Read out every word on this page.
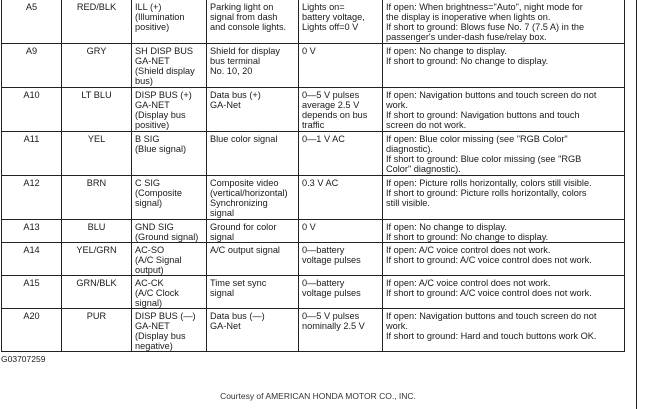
A5	RED/BLK	ILL (+)
(Illumination
positive)	Parking light on
signal from dash
and console lights.	Lights on=
battery voltage,
Lights off=0 V	If open: When brightness="Auto", night mode for
the display is inoperative when lights on.
If short to ground: Blows fuse No. 7 (7.5 A) in the
passenger's under-dash fuse/relay box.

A9	GRY	SH DISP BUS
GA-NET
(Shield display
bus)	Shield for display
bus terminal
No. 10, 20	0 V	If open: No change to display.
If short to ground: No change to display.

A10	LT BLU	DISP BUS (+)
GA-NET
(Display bus
positive)	Data bus (+)
GA-Net	0—5 V pulses
average 2.5 V
depends on bus
traffic	If open: Navigation buttons and touch screen do not
work.
If short to ground: Navigation buttons and touch
screen do not work.

A11	YEL	B SIG
(Blue signal)	Blue color signal	0—1 V AC	If open: Blue color missing (see "RGB Color"
diagnostic).
If short to ground: Blue color missing (see "RGB
Color" diagnostic).

A12	BRN	C SIG
(Composite
signal)	Composite video
(vertical/horizontal)
Synchronizing
signal	0.3 V AC	If open: Picture rolls horizontally, colors still visible.
If short to ground: Picture rolls horizontally, colors
still visible.

A13	BLU	GND SIG
(Ground signal)	Ground for color
signal	0 V	If open: No change to display.
If short to ground: No change to display.

A14	YEL/GRN	AC-SO
(A/C Signal
output)	A/C output signal	0—battery
voltage pulses	If open: A/C voice control does not work.
If short to ground: A/C voice control does not work.

A15	GRN/BLK	AC-CK
(A/C Clock
signal)	Time set sync
signal	0—battery
voltage pulses	If open: A/C voice control does not work.
If short to ground: A/C voice control does not work.

A20	PUR	DISP BUS (—)
GA-NET
(Display bus
negative)	Data bus (—)
GA-Net	0—5 V pulses
nominally 2.5 V	If open: Navigation buttons and touch screen do not
work.
If short to ground: Hard and touch buttons work OK.
G03707259
Courtesy of AMERICAN HONDA MOTOR CO., INC.
